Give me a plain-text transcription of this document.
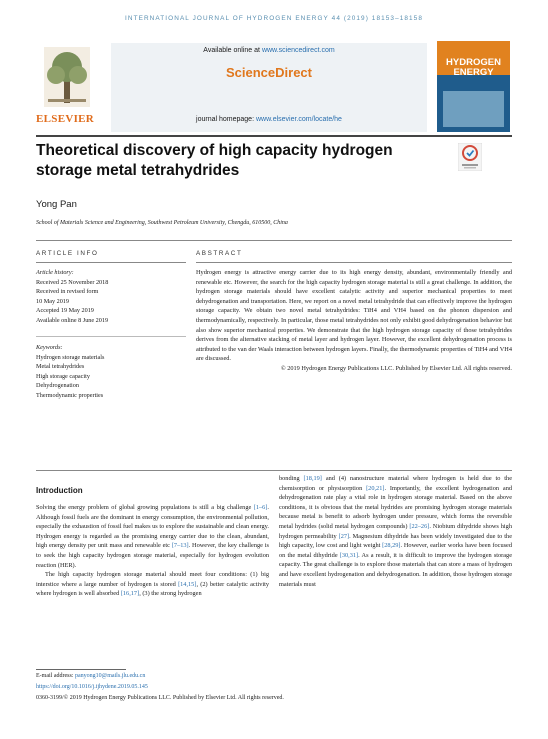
INTERNATIONAL JOURNAL OF HYDROGEN ENERGY 44 (2019) 18153–18158
ELSEVIER
Available online at www.sciencedirect.com
ScienceDirect
journal homepage: www.elsevier.com/locate/he
HYDROGEN
ENERGY
Theoretical discovery of high capacity hydrogen storage metal tetrahydrides
Yong Pan
School of Materials Science and Engineering, Southwest Petroleum University, Chengdu, 610500, China
ARTICLE INFO
Article history:
Received 25 November 2018
Received in revised form
10 May 2019
Accepted 19 May 2019
Available online 8 June 2019
Keywords:
Hydrogen storage materials
Metal tetrahydrides
High storage capacity
Dehydrogenation
Thermodynamic properties
ABSTRACT
Hydrogen energy is attractive energy carrier due to its high energy density, abundant, environmentally friendly and renewable etc. However, the search for the high capacity hydrogen storage material is still a great challenge. In addition, the hydrogen storage materials should have excellent catalytic activity and superior mechanical properties to meet dehydrogenation and transportation. Here, we report on a novel metal tetrahydride that can effectively improve the hydrogen storage capacity. We obtain two novel metal tetrahydrides: TiH4 and VH4 based on the phonon dispersion and thermodynamically, respectively. In particular, those metal tetrahydrides not only exhibit good dehydrogenation behavior but also show superior mechanical properties. We demonstrate that the high hydrogen storage capacity of those tetrahydrides derives from the alternative stacking of metal layer and hydrogen layer. However, the excellent dehydrogenation process is attributed to the van der Waals interaction between hydrogen layers. Finally, the thermodynamic properties of TiH4 and VH4 are discussed.
© 2019 Hydrogen Energy Publications LLC. Published by Elsevier Ltd. All rights reserved.
Introduction

Solving the energy problem of global growing populations is still a big challenge [1–6]. Although fossil fuels are the dominant in energy consumption, the environmental pollution, especially the exhaustion of fossil fuel makes us to explore the sustainable and clean energy. Hydrogen energy is regarded as the promising energy carrier due to the clean, abundant, high energy density per unit mass and renewable etc [7–13]. However, the key challenge is to seek the high capacity hydrogen storage material, especially for hydrogen evolution reaction (HER).

The high capacity hydrogen storage material should meet four conditions: (1) big interstice where a large number of hydrogen is stored [14,15], (2) better catalytic activity where hydrogen is well absorbed [16,17], (3) the strong hydrogen

bonding [18,19] and (4) nanostructure material where hydrogen is held due to the chemisorption or physisorption [20,21]. Importantly, the excellent hydrogenation and dehydrogenation rate play a vital role in hydrogen storage material. Based on the above conditions, it is obvious that the metal hydrides are promising hydrogen storage materials because metal is benefit to adsorb hydrogen under pressure, which forms the reversible metal hydrides (solid metal hydrogen compounds) [22–26]. Niobium dihydride shows high hydrogen permeability [27]. Magnesium dihydride has been widely investigated due to the high capacity, low cost and light weight [28,29]. However, earlier works have been focused on the metal dihydride [30,31]. As a result, it is difficult to improve the hydrogen storage capacity. The great challenge is to explore those materials that can store a mass of hydrogen and have excellent hydrogenation and dehydrogenation. In addition, those hydrogen storage materials must

E-mail address: panyong10@mails.jlu.edu.cn
https://doi.org/10.1016/j.ijhydene.2019.05.145
0360-3199/© 2019 Hydrogen Energy Publications LLC. Published by Elsevier Ltd. All rights reserved.
